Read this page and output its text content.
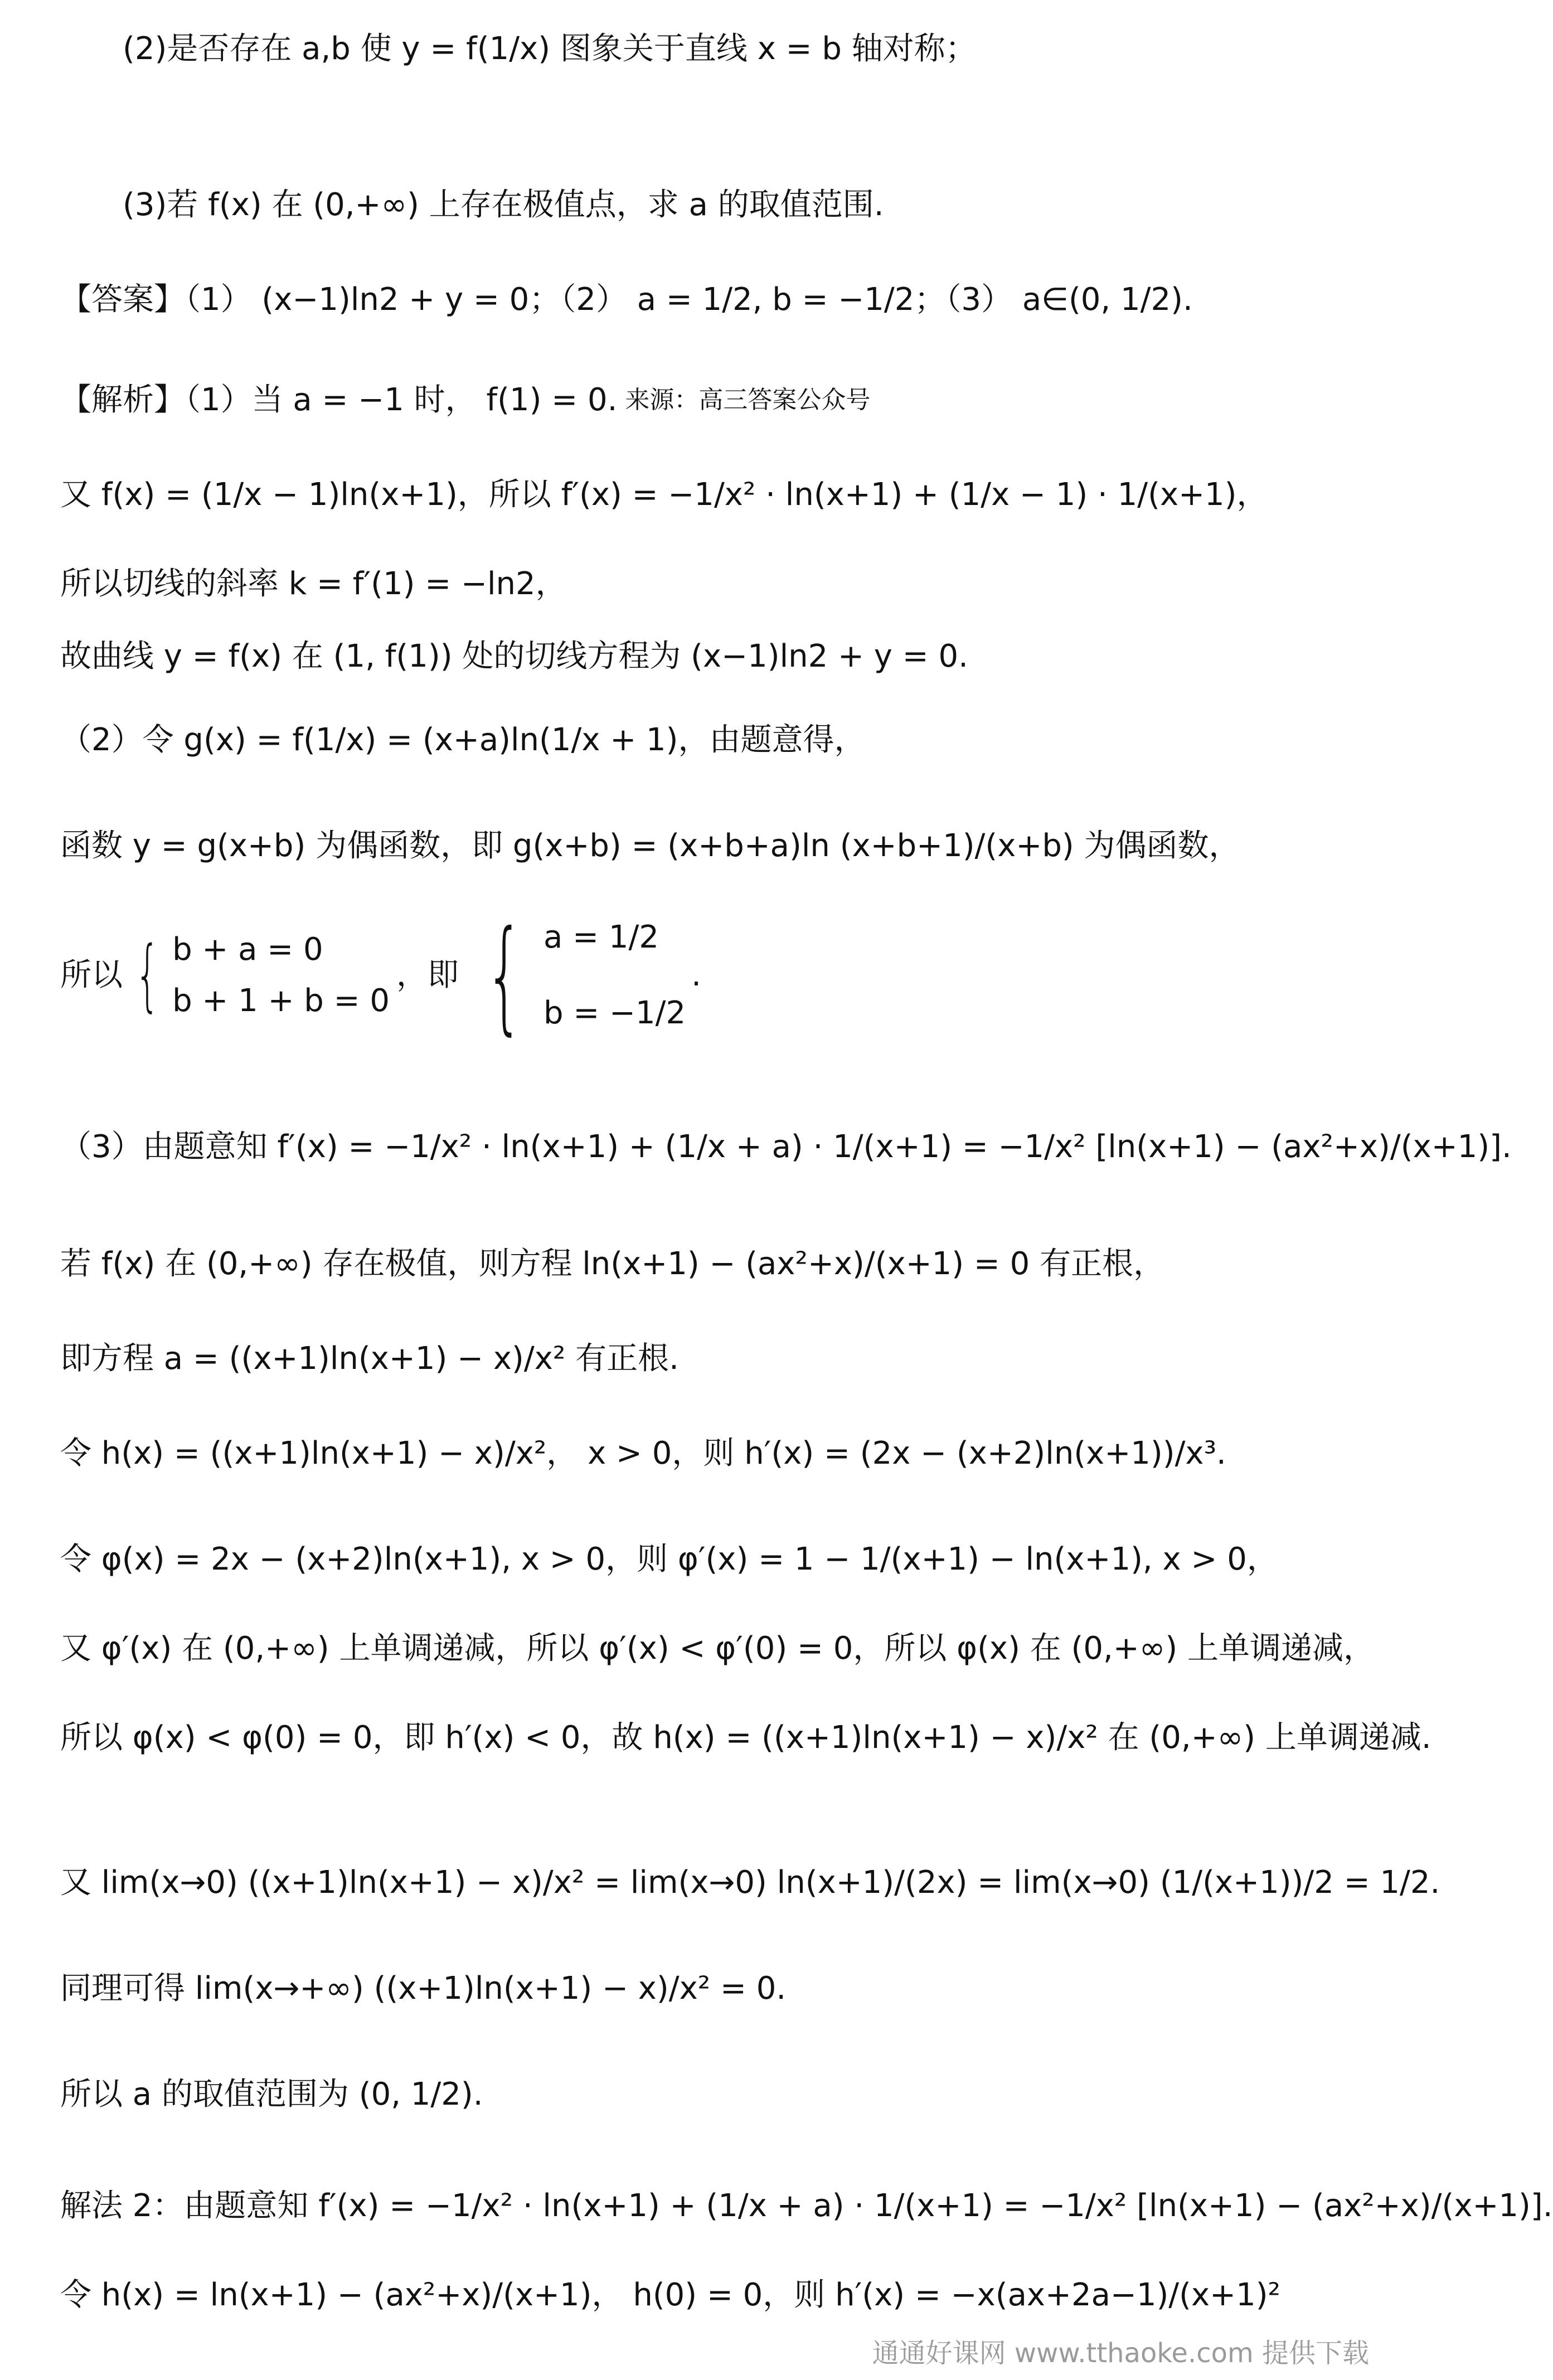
(2)是否存在 a,b 使 y = f(1/x) 图象关于直线 x = b 轴对称；
(3)若 f(x) 在 (0,+∞) 上存在极值点，求 a 的取值范围.
【答案】（1） (x−1)ln2 + y = 0；（2） a = 1/2, b = −1/2；（3） a∈(0, 1/2).
【解析】（1）当 a = −1 时， f(1) = 0. 来源：高三答案公众号
又 f(x) = (1/x − 1)ln(x+1)，所以 f′(x) = −1/x² · ln(x+1) + (1/x − 1) · 1/(x+1)，
所以切线的斜率 k = f′(1) = −ln2，
故曲线 y = f(x) 在 (1, f(1)) 处的切线方程为 (x−1)ln2 + y = 0.
（2）令 g(x) = f(1/x) = (x+a)ln(1/x + 1)，由题意得，
函数 y = g(x+b) 为偶函数，即 g(x+b) = (x+b+a)ln (x+b+1)/(x+b) 为偶函数，
所以 { b + a = 0
b + 1 + b = 0
，即 { a = 1/2
b = −1/2
.
（3）由题意知 f′(x) = −1/x² · ln(x+1) + (1/x + a) · 1/(x+1) = −1/x² [ln(x+1) − (ax²+x)/(x+1)].
若 f(x) 在 (0,+∞) 存在极值，则方程 ln(x+1) − (ax²+x)/(x+1) = 0 有正根，
即方程 a = ((x+1)ln(x+1) − x)/x² 有正根.
令 h(x) = ((x+1)ln(x+1) − x)/x²， x > 0，则 h′(x) = (2x − (x+2)ln(x+1))/x³.
令 φ(x) = 2x − (x+2)ln(x+1), x > 0，则 φ′(x) = 1 − 1/(x+1) − ln(x+1), x > 0，
又 φ′(x) 在 (0,+∞) 上单调递减，所以 φ′(x) < φ′(0) = 0，所以 φ(x) 在 (0,+∞) 上单调递减，
所以 φ(x) < φ(0) = 0，即 h′(x) < 0，故 h(x) = ((x+1)ln(x+1) − x)/x² 在 (0,+∞) 上单调递减.
又 lim(x→0) ((x+1)ln(x+1) − x)/x² = lim(x→0) ln(x+1)/(2x) = lim(x→0) (1/(x+1))/2 = 1/2.
同理可得 lim(x→+∞) ((x+1)ln(x+1) − x)/x² = 0.
所以 a 的取值范围为 (0, 1/2).
解法 2：由题意知 f′(x) = −1/x² · ln(x+1) + (1/x + a) · 1/(x+1) = −1/x² [ln(x+1) − (ax²+x)/(x+1)].
令 h(x) = ln(x+1) − (ax²+x)/(x+1)， h(0) = 0，则 h′(x) = −x(ax+2a−1)/(x+1)²
通通好课网 www.tthaoke.com 提供下载
